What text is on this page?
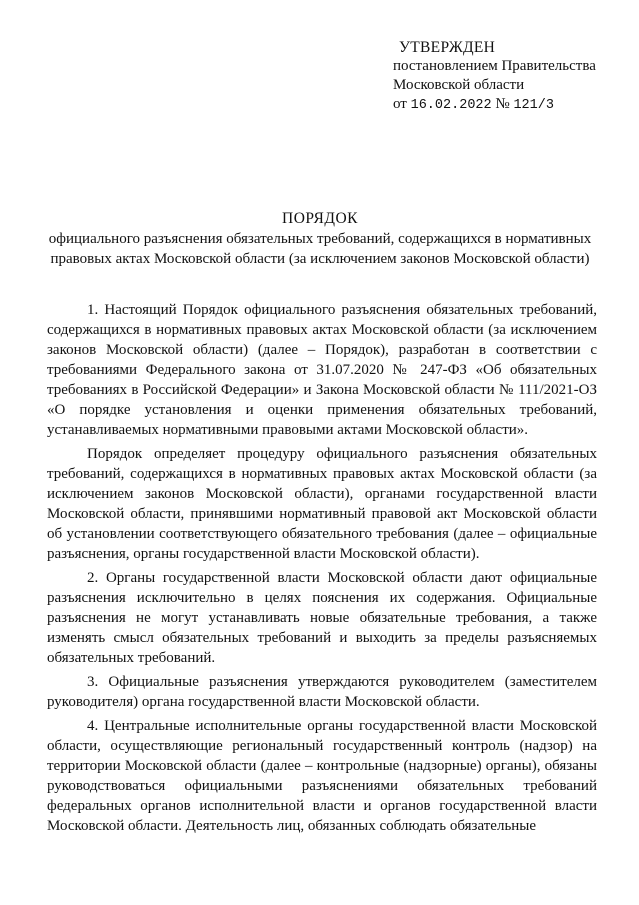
УТВЕРЖДЕН
постановлением Правительства
Московской области
от 16.02.2022 № 121/3
ПОРЯДОК
официального разъяснения обязательных требований, содержащихся в нормативных правовых актах Московской области (за исключением законов Московской области)

1. Настоящий Порядок официального разъяснения обязательных требований, содержащихся в нормативных правовых актах Московской области (за исключением законов Московской области) (далее – Порядок), разработан в соответствии с требованиями Федерального закона от 31.07.2020 № 247-ФЗ «Об обязательных требованиях в Российской Федерации» и Закона Московской области № 111/2021-ОЗ «О порядке установления и оценки применения обязательных требований, устанавливаемых нормативными правовыми актами Московской области».

Порядок определяет процедуру официального разъяснения обязательных требований, содержащихся в нормативных правовых актах Московской области (за исключением законов Московской области), органами государственной власти Московской области, принявшими нормативный правовой акт Московской области об установлении соответствующего обязательного требования (далее – официальные разъяснения, органы государственной власти Московской области).

2. Органы государственной власти Московской области дают официальные разъяснения исключительно в целях пояснения их содержания. Официальные разъяснения не могут устанавливать новые обязательные требования, а также изменять смысл обязательных требований и выходить за пределы разъясняемых обязательных требований.

3. Официальные разъяснения утверждаются руководителем (заместителем руководителя) органа государственной власти Московской области.

4. Центральные исполнительные органы государственной власти Московской области, осуществляющие региональный государственный контроль (надзор) на территории Московской области (далее – контрольные (надзорные) органы), обязаны руководствоваться официальными разъяснениями обязательных требований федеральных органов исполнительной власти и органов государственной власти Московской области. Деятельность лиц, обязанных соблюдать обязательные
